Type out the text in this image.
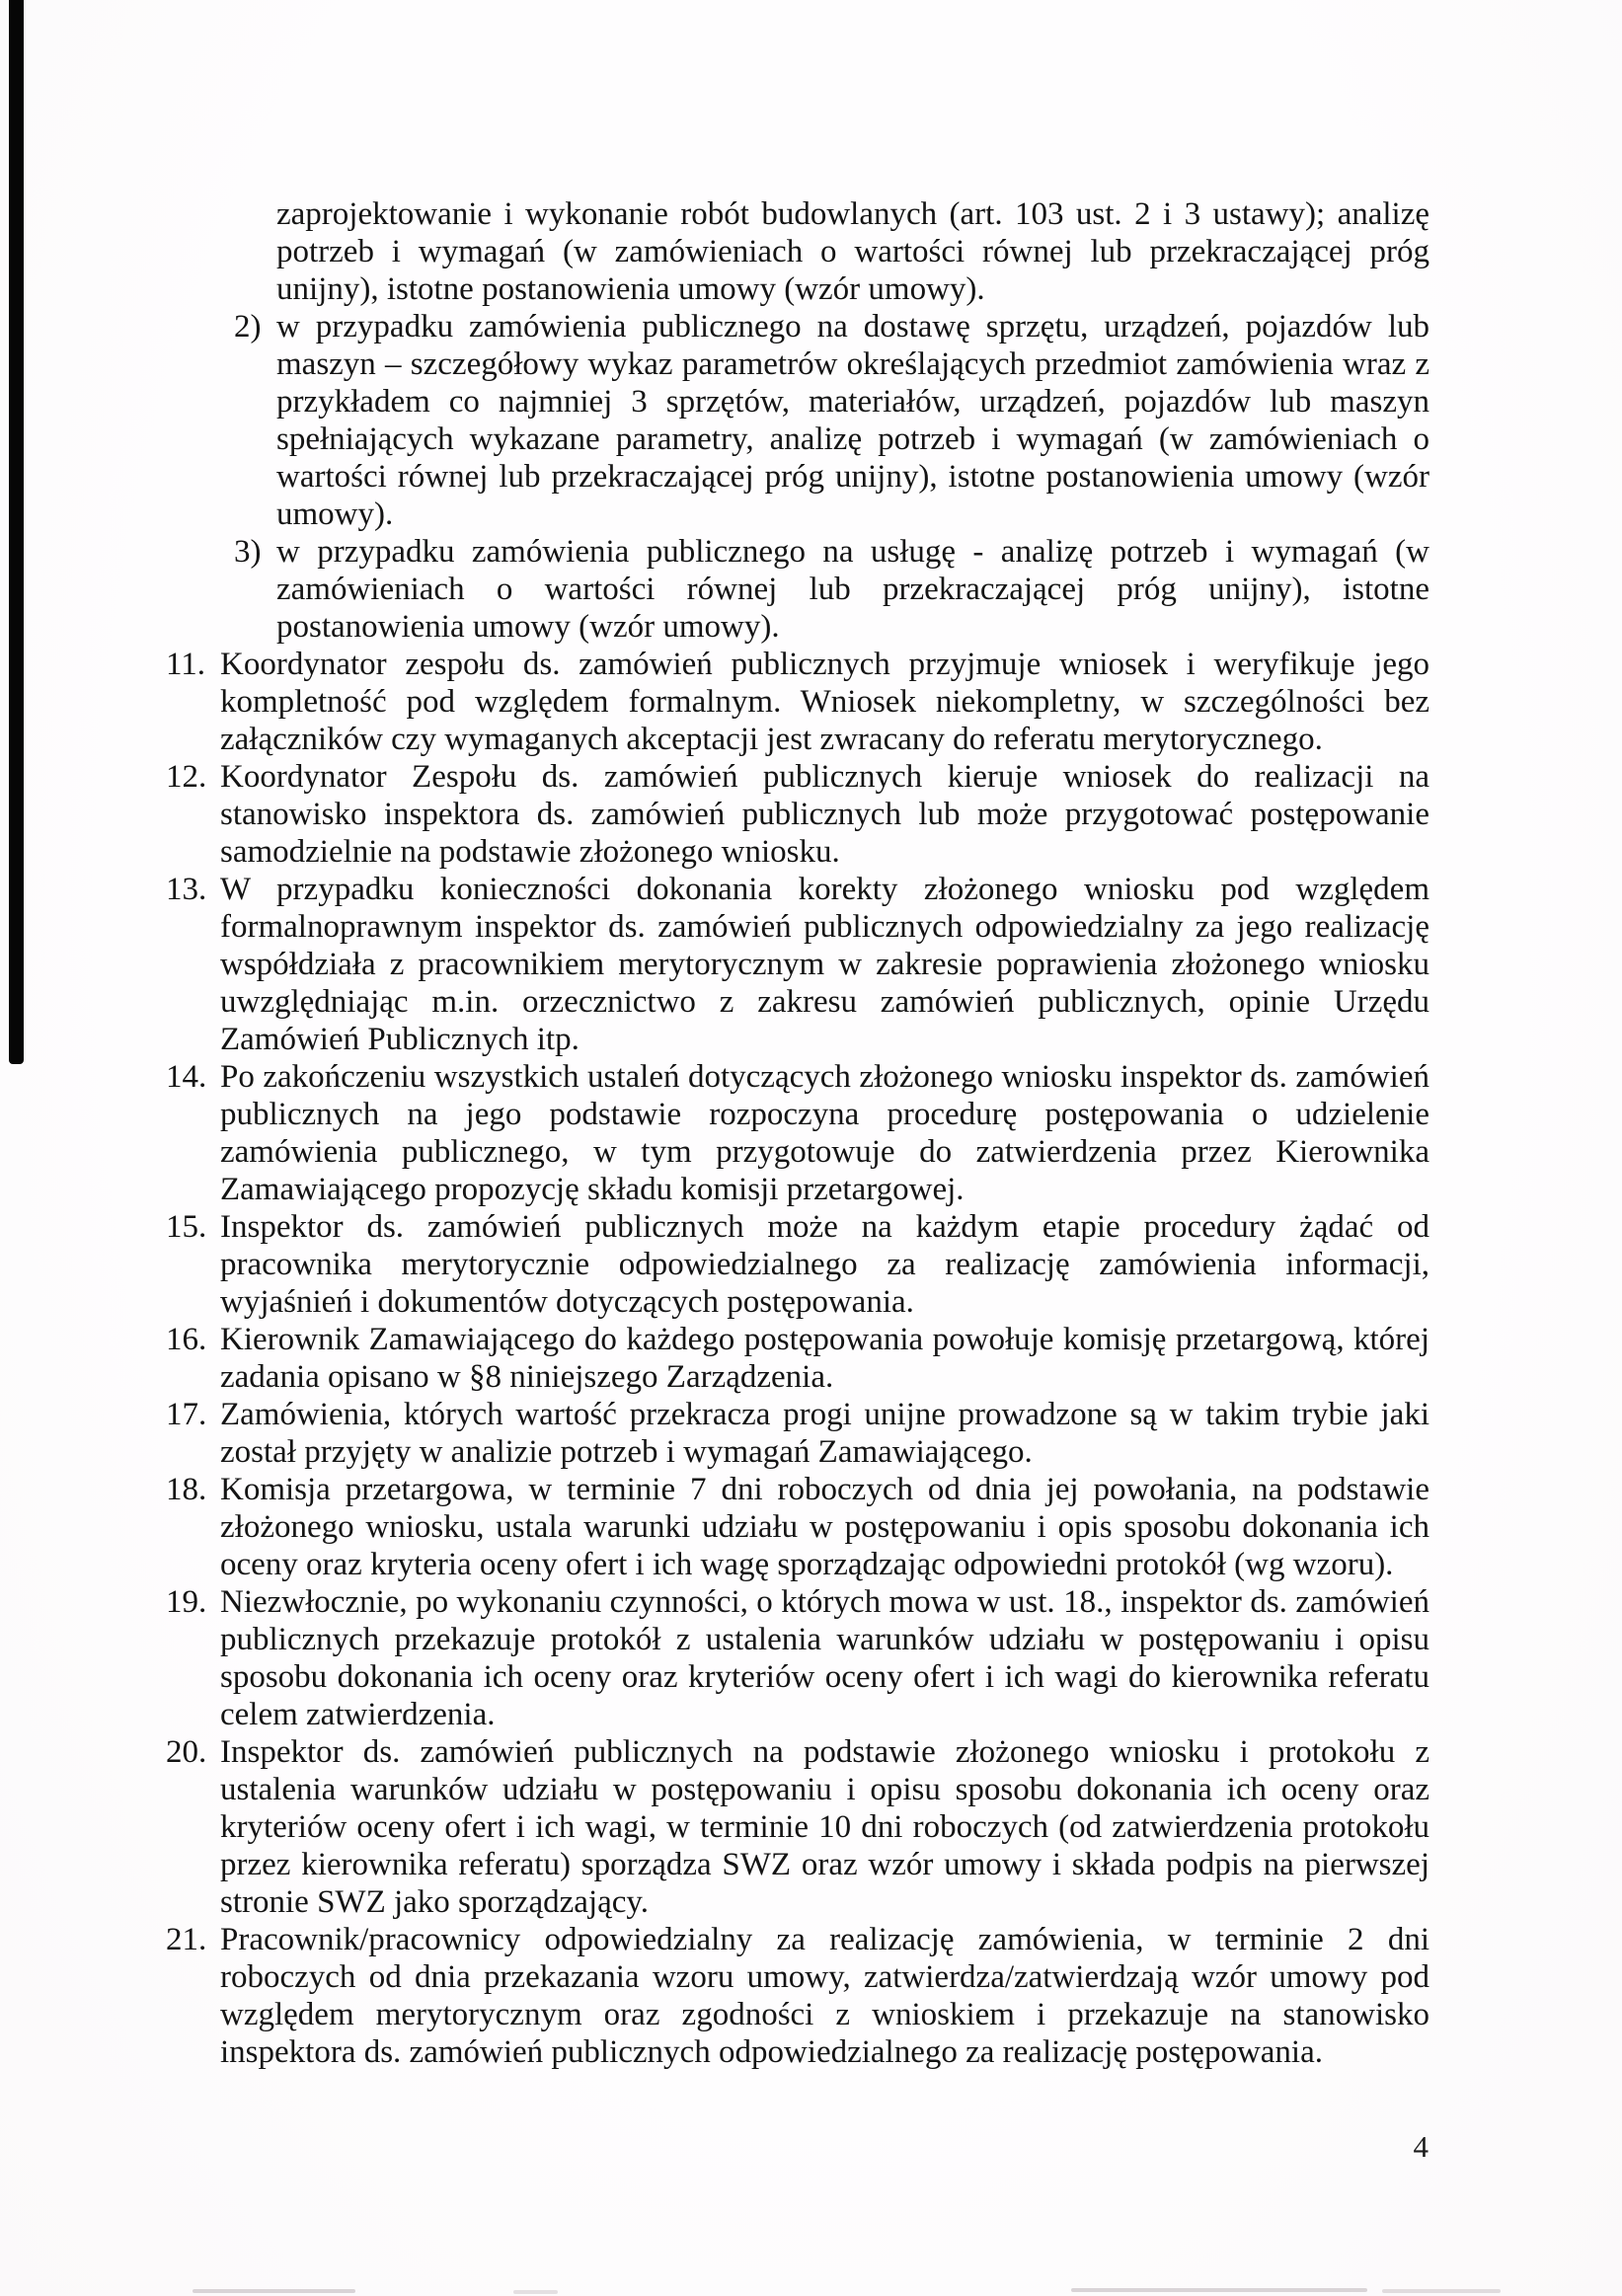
zaprojektowanie i wykonanie robót budowlanych (art. 103 ust. 2 i 3 ustawy); analizę potrzeb i wymagań (w zamówieniach o wartości równej lub przekraczającej próg unijny), istotne postanowienia umowy (wzór umowy).

2) w przypadku zamówienia publicznego na dostawę sprzętu, urządzeń, pojazdów lub maszyn – szczegółowy wykaz parametrów określających przedmiot zamówienia wraz z przykładem co najmniej 3 sprzętów, materiałów, urządzeń, pojazdów lub maszyn spełniających wykazane parametry, analizę potrzeb i wymagań (w zamówieniach o wartości równej lub przekraczającej próg unijny), istotne postanowienia umowy (wzór umowy).

3) w przypadku zamówienia publicznego na usługę - analizę potrzeb i wymagań (w zamówieniach o wartości równej lub przekraczającej próg unijny), istotne postanowienia umowy (wzór umowy).

11. Koordynator zespołu ds. zamówień publicznych przyjmuje wniosek i weryfikuje jego kompletność pod względem formalnym. Wniosek niekompletny, w szczególności bez załączników czy wymaganych akceptacji jest zwracany do referatu merytorycznego.

12. Koordynator Zespołu ds. zamówień publicznych kieruje wniosek do realizacji na stanowisko inspektora ds. zamówień publicznych lub może przygotować postępowanie samodzielnie na podstawie złożonego wniosku.

13. W przypadku konieczności dokonania korekty złożonego wniosku pod względem formalnoprawnym inspektor ds. zamówień publicznych odpowiedzialny za jego realizację współdziała z pracownikiem merytorycznym w zakresie poprawienia złożonego wniosku uwzględniając m.in. orzecznictwo z zakresu zamówień publicznych, opinie Urzędu Zamówień Publicznych itp.

14. Po zakończeniu wszystkich ustaleń dotyczących złożonego wniosku inspektor ds. zamówień publicznych na jego podstawie rozpoczyna procedurę postępowania o udzielenie zamówienia publicznego, w tym przygotowuje do zatwierdzenia przez Kierownika Zamawiającego propozycję składu komisji przetargowej.

15. Inspektor ds. zamówień publicznych może na każdym etapie procedury żądać od pracownika merytorycznie odpowiedzialnego za realizację zamówienia informacji, wyjaśnień i dokumentów dotyczących postępowania.

16. Kierownik Zamawiającego do każdego postępowania powołuje komisję przetargową, której zadania opisano w §8 niniejszego Zarządzenia.

17. Zamówienia, których wartość przekracza progi unijne prowadzone są w takim trybie jaki został przyjęty w analizie potrzeb i wymagań Zamawiającego.

18. Komisja przetargowa, w terminie 7 dni roboczych od dnia jej powołania, na podstawie złożonego wniosku, ustala warunki udziału w postępowaniu i opis sposobu dokonania ich oceny oraz kryteria oceny ofert i ich wagę sporządzając odpowiedni protokół (wg wzoru).

19. Niezwłocznie, po wykonaniu czynności, o których mowa w ust. 18., inspektor ds. zamówień publicznych przekazuje protokół z ustalenia warunków udziału w postępowaniu i opisu sposobu dokonania ich oceny oraz kryteriów oceny ofert i ich wagi do kierownika referatu celem zatwierdzenia.

20. Inspektor ds. zamówień publicznych na podstawie złożonego wniosku i protokołu z ustalenia warunków udziału w postępowaniu i opisu sposobu dokonania ich oceny oraz kryteriów oceny ofert i ich wagi, w terminie 10 dni roboczych (od zatwierdzenia protokołu przez kierownika referatu) sporządza SWZ oraz wzór umowy i składa podpis na pierwszej stronie SWZ jako sporządzający.

21. Pracownik/pracownicy odpowiedzialny za realizację zamówienia, w terminie 2 dni roboczych od dnia przekazania wzoru umowy, zatwierdza/zatwierdzają wzór umowy pod względem merytorycznym oraz zgodności z wnioskiem i przekazuje na stanowisko inspektora ds. zamówień publicznych odpowiedzialnego za realizację postępowania.

4
